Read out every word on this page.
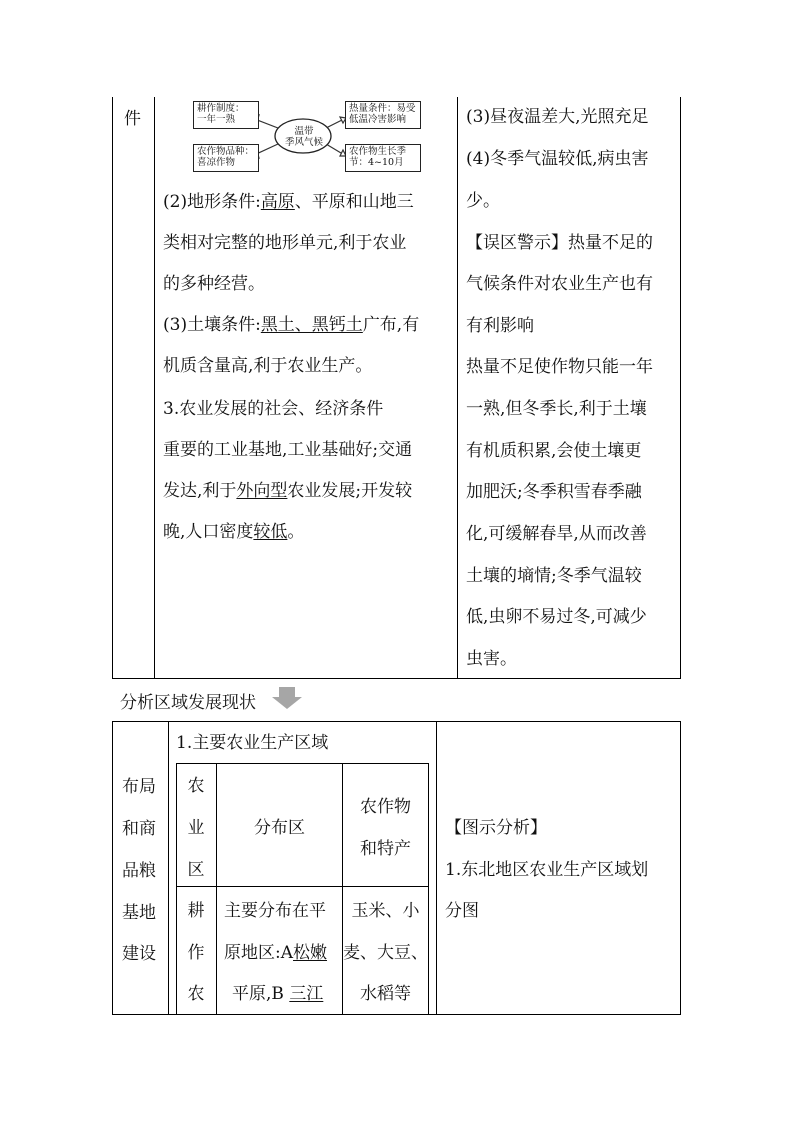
件
温带
季风气候
耕作制度：
一年一熟
农作物品种：
喜凉作物
热量条件：易受
低温冷害影响
农作物生长季
节：4~10月
(2)地形条件:高原、平原和山地三
类相对完整的地形单元,利于农业
的多种经营。
(3)土壤条件:黑土、黑钙土广布,有
机质含量高,利于农业生产。
3.农业发展的社会、经济条件
重要的工业基地,工业基础好;交通
发达,利于外向型农业发展;开发较
晚,人口密度较低。
(3)昼夜温差大,光照充足
(4)冬季气温较低,病虫害
少。
【误区警示】热量不足的
气候条件对农业生产也有
有利影响
热量不足使作物只能一年
一熟,但冬季长,利于土壤
有机质积累,会使土壤更
加肥沃;冬季积雪春季融
化,可缓解春旱,从而改善
土壤的墒情;冬季气温较
低,虫卵不易过冬,可减少
虫害。
分析区域发展现状
布局
和商
品粮
基地
建设
1.主要农业生产区域
农
业
区
分布区
农作物
和特产
耕
作
农
主要分布在平
原地区:A松嫩
平原,B 三江
玉米、小
麦、大豆、
水稻等
【图示分析】
1.东北地区农业生产区域划
分图
